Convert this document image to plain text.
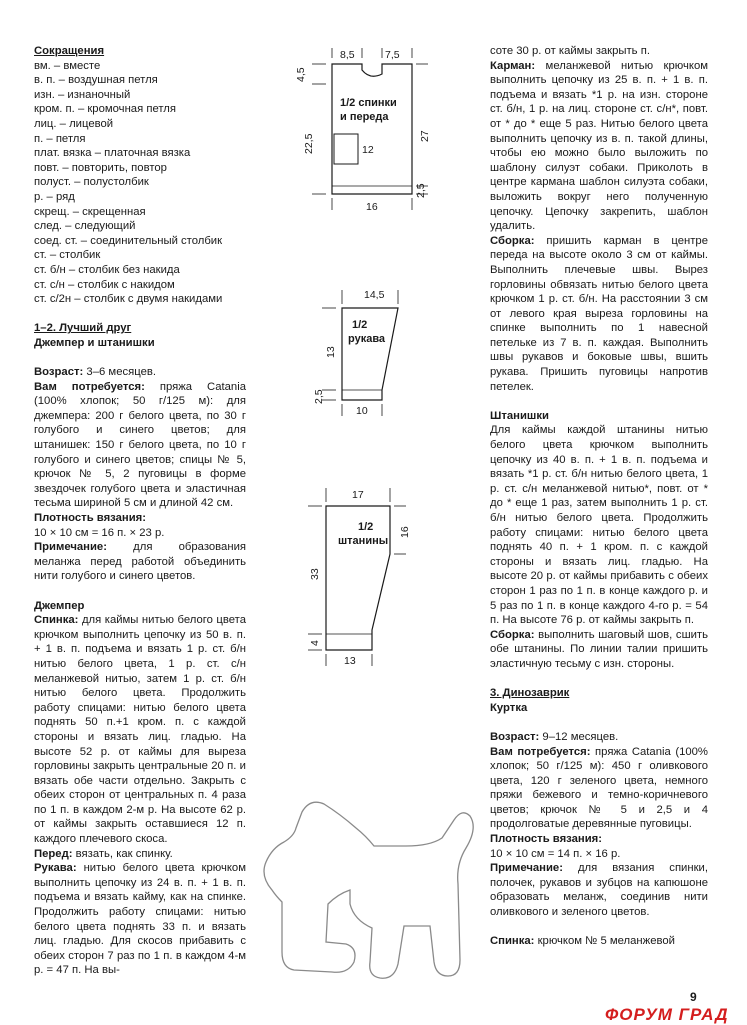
Сокращения

вм. – вместе
в. п. – воздушная петля
изн. – изнаночный
кром. п. – кромочная петля
лиц. – лицевой
п. – петля
плат. вязка – платочная вязка
повт. – повторить, повтор
полуст. – полустолбик
р. – ряд
скрещ. – скрещенная
след. – следующий
соед. ст. – соединительный столбик
ст. – столбик
ст. б/н – столбик без накида
ст. с/н – столбик с накидом
ст. с/2н – столбик с двумя накидами

1–2. Лучший друг

Джемпер и штанишки

Возраст: 3–6 месяцев.

Вам потребуется: пряжа Catania (100% хлопок; 50 г/125 м): для джемпера: 200 г белого цвета, по 30 г голубого и синего цветов; для штанишек: 150 г белого цвета, по 10 г голубого и синего цветов; спицы № 5, крючок № 5, 2 пуговицы в форме звездочек голубого цвета и эластичная тесьма шириной 5 см и длиной 42 см.

Плотность вязания:

10 × 10 см = 16 п. × 23 р.

Примечание: для образования меланжа перед работой объединить нити голубого и синего цветов.

Джемпер

Спинка: для каймы нитью белого цвета крючком выполнить цепочку из 50 в. п. + 1 в. п. подъема и вязать 1 р. ст. б/н нитью белого цвета, 1 р. ст. с/н меланжевой нитью, затем 1 р. ст. б/н нитью белого цвета. Продолжить работу спицами: нитью белого цвета поднять 50 п.+1 кром. п. с каждой стороны и вязать лиц. гладью. На высоте 52 р. от каймы для выреза горловины закрыть центральные 20 п. и вязать обе части отдельно. Закрыть с обеих сторон от центральных п. 4 раза по 1 п. в каждом 2-м р. На высоте 62 р. от каймы закрыть оставшиеся 12 п. каждого плечевого скоса.

Перед: вязать, как спинку.

Рукава: нитью белого цвета крючком выполнить цепочку из 24 в. п. + 1 в. п. подъема и вязать кайму, как на спинке. Продолжить работу спицами: нитью белого цвета поднять 33 п. и вязать лиц. гладью. Для скосов прибавить с обеих сторон 7 раз по 1 п. в каждом 4-м р. = 47 п. На вы-

8,5	7,5
12
1/2 спинки
и переда
4,5
22,5	27
2,5
16
14,5
1/2
рукава
13
2,5
10
17
1/2
штанины
16
33
4
13

соте 30 р. от каймы закрыть п.

Карман: меланжевой нитью крючком выполнить цепочку из 25 в. п. + 1 в. п. подъема и вязать *1 р. на изн. стороне ст. б/н, 1 р. на лиц. стороне ст. с/н*, повт. от * до * еще 5 раз. Нитью белого цвета выполнить цепочку из в. п. такой длины, чтобы ею можно было выложить по шаблону силуэт собаки. Приколоть в центре кармана шаблон силуэта собаки, выложить вокруг него полученную цепочку. Цепочку закрепить, шаблон удалить.

Сборка: пришить карман в центре переда на высоте около 3 см от каймы. Выполнить плечевые швы. Вырез горловины обвязать нитью белого цвета крючком 1 р. ст. б/н. На расстоянии 3 см от левого края выреза горловины на спинке выполнить по 1 навесной петельке из 7 в. п. каждая. Выполнить швы рукавов и боковые швы, вшить рукава. Пришить пуговицы напротив петелек.

Штанишки

Для каймы каждой штанины нитью белого цвета крючком выполнить цепочку из 40 в. п. + 1 в. п. подъема и вязать *1 р. ст. б/н нитью белого цвета, 1 р. ст. с/н меланжевой нитью*, повт. от * до * еще 1 раз, затем выполнить 1 р. ст. б/н нитью белого цвета. Продолжить работу спицами: нитью белого цвета поднять 40 п. + 1 кром. п. с каждой стороны и вязать лиц. гладью. На высоте 20 р. от каймы прибавить с обеих сторон 1 раз по 1 п. в конце каждого р. и 5 раз по 1 п. в конце каждого 4-го р. = 54 п. На высоте 76 р. от каймы закрыть п.

Сборка: выполнить шаговый шов, сшить обе штанины. По линии талии пришить эластичную тесьму с изн. стороны.

3. Динозаврик

Куртка

Возраст: 9–12 месяцев.

Вам потребуется: пряжа Catania (100% хлопок; 50 г/125 м): 450 г оливкового цвета, 120 г зеленого цвета, немного пряжи бежевого и темно-коричневого цветов; крючок № 5 и 2,5 и 4 продолговатые деревянные пуговицы.

Плотность вязания:

10 × 10 см = 14 п. × 16 р.

Примечание: для вязания спинки, полочек, рукавов и зубцов на капюшоне образовать меланж, соединив нити оливкового и зеленого цветов.

Спинка: крючком № 5 меланжевой

9
ФОРУМ ГРАД
